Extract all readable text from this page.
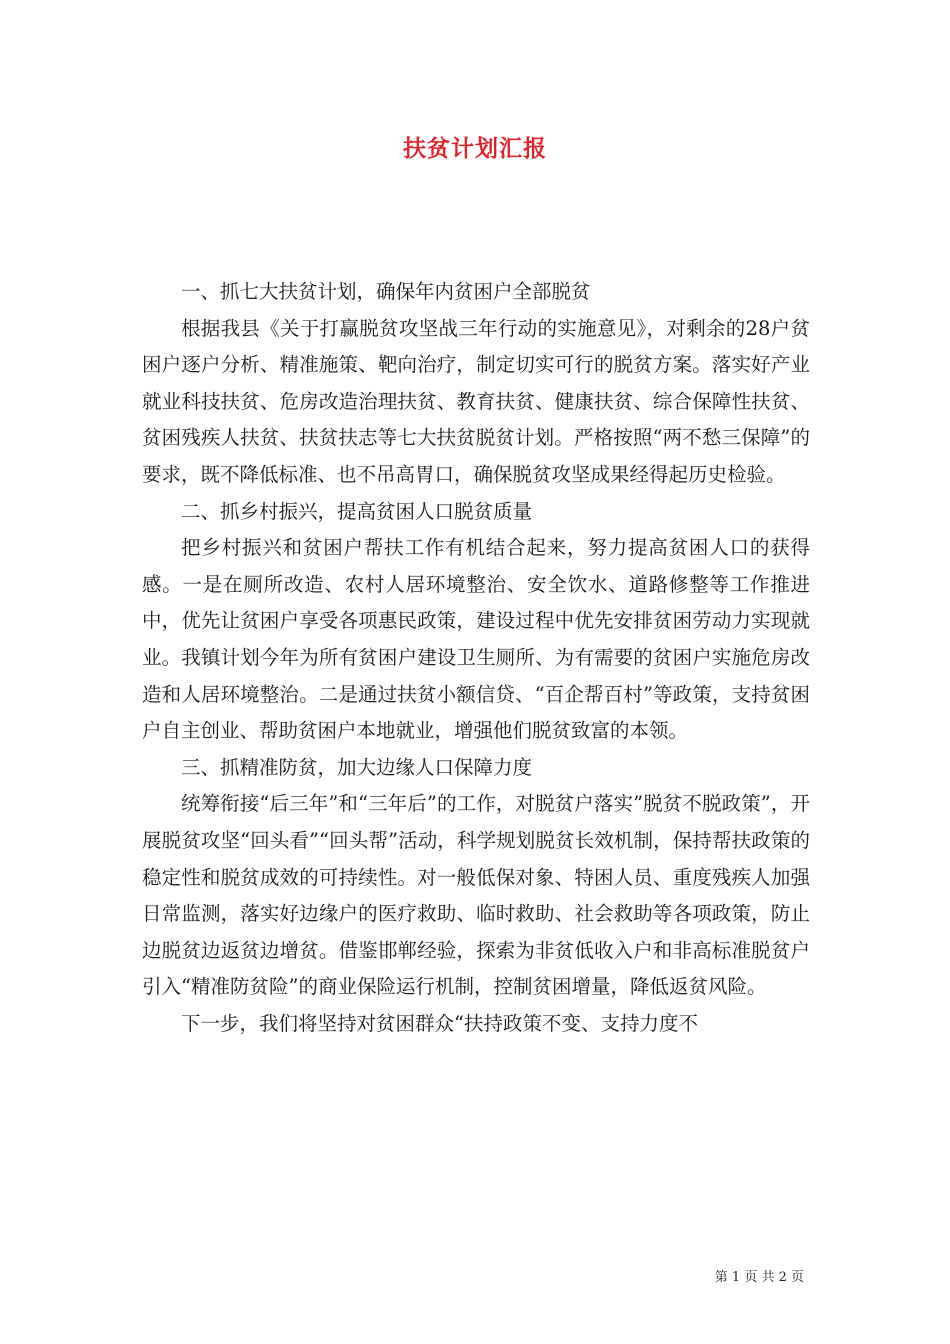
扶贫计划汇报

一、抓七大扶贫计划，确保年内贫困户全部脱贫

根据我县《关于打赢脱贫攻坚战三年行动的实施意见》，对剩余的28户贫困户逐户分析、精准施策、靶向治疗，制定切实可行的脱贫方案。落实好产业就业科技扶贫、危房改造治理扶贫、教育扶贫、健康扶贫、综合保障性扶贫、贫困残疾人扶贫、扶贫扶志等七大扶贫脱贫计划。严格按照“两不愁三保障”的要求，既不降低标准、也不吊高胃口，确保脱贫攻坚成果经得起历史检验。

二、抓乡村振兴，提高贫困人口脱贫质量

把乡村振兴和贫困户帮扶工作有机结合起来，努力提高贫困人口的获得感。一是在厕所改造、农村人居环境整治、安全饮水、道路修整等工作推进中，优先让贫困户享受各项惠民政策，建设过程中优先安排贫困劳动力实现就业。我镇计划今年为所有贫困户建设卫生厕所、为有需要的贫困户实施危房改造和人居环境整治。二是通过扶贫小额信贷、“百企帮百村”等政策，支持贫困户自主创业、帮助贫困户本地就业，增强他们脱贫致富的本领。

三、抓精准防贫，加大边缘人口保障力度

统筹衔接“后三年”和“三年后”的工作，对脱贫户落实”脱贫不脱政策”，开展脱贫攻坚“回头看”“回头帮”活动，科学规划脱贫长效机制，保持帮扶政策的稳定性和脱贫成效的可持续性。对一般低保对象、特困人员、重度残疾人加强日常监测，落实好边缘户的医疗救助、临时救助、社会救助等各项政策，防止边脱贫边返贫边增贫。借鉴邯郸经验，探索为非贫低收入户和非高标准脱贫户引入“精准防贫险”的商业保险运行机制，控制贫困增量，降低返贫风险。

下一步，我们将坚持对贫困群众“扶持政策不变、支持力度不

第 1 页 共 2 页
